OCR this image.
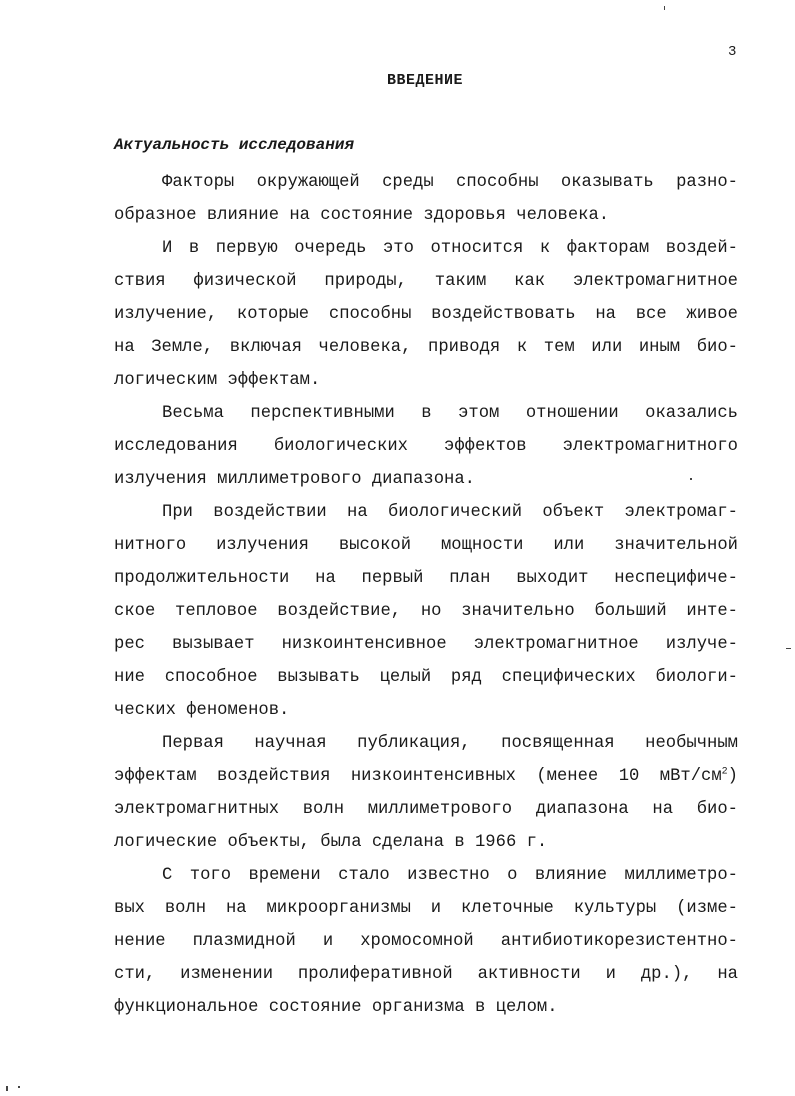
3
ВВЕДЕНИЕ
Актуальность исследования
Факторы окружающей среды способны оказывать разно-
образное влияние на состояние здоровья человека.
И в первую очередь это относится к факторам воздей-
ствия физической природы, таким как электромагнитное
излучение, которые способны воздействовать на все живое
на Земле, включая человека, приводя к тем или иным био-
логическим эффектам.
Весьма перспективными в этом отношении оказались
исследования биологических эффектов электромагнитного
излучения миллиметрового диапазона.
При воздействии на биологический объект электромаг-
нитного излучения высокой мощности или значительной
продолжительности на первый план выходит неспецифиче-
ское тепловое воздействие, но значительно больший инте-
рес вызывает низкоинтенсивное электромагнитное излуче-
ние способное вызывать целый ряд специфических биологи-
ческих феноменов.
Первая научная публикация, посвященная необычным
эффектам воздействия низкоинтенсивных (менее 10 мВт/$см^2$)
электромагнитных волн миллиметрового диапазона на био-
логические объекты, была сделана в 1966 г.
С того времени стало известно о влияние миллиметро-
вых волн на микроорганизмы и клеточные культуры (изме-
нение плазмидной и хромосомной антибиотикорезистентно-
сти, изменении пролиферативной активности и др.), на
функциональное состояние организма в целом.
